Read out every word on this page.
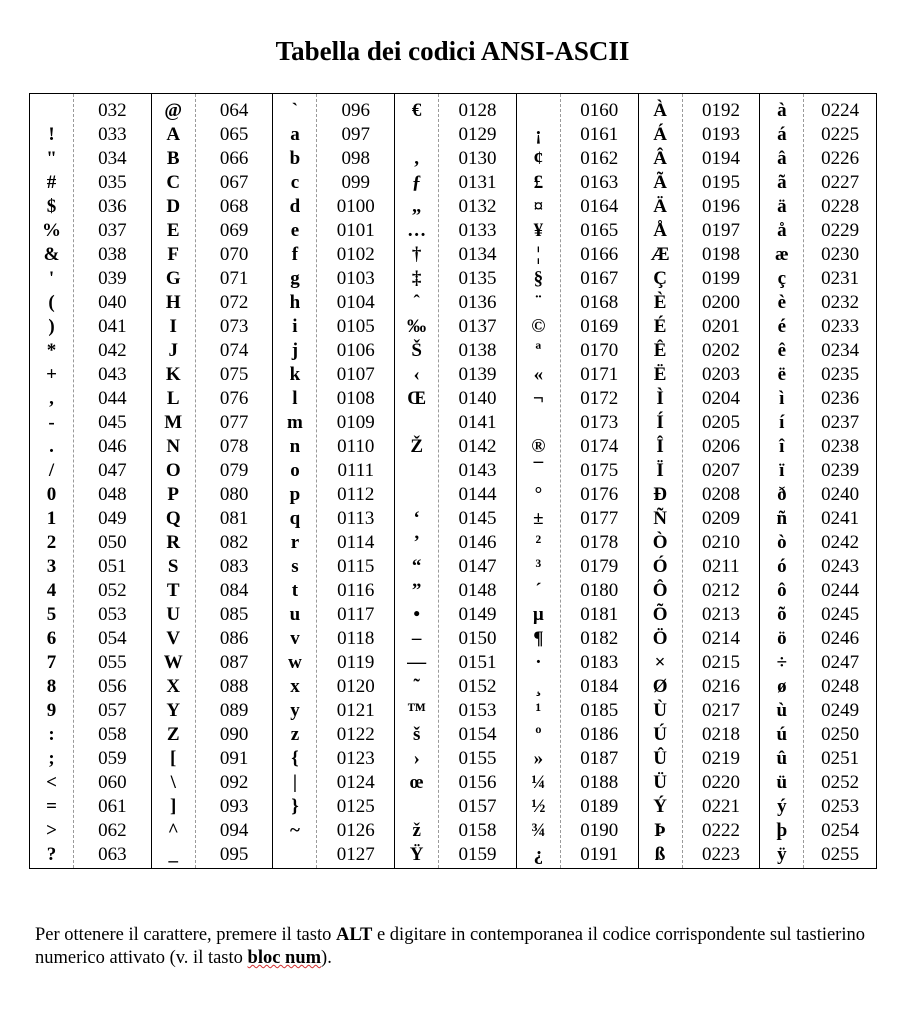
Tabella dei codici ANSI-ASCII
!
"
#
$
%
&
'
(
)
*
+
,
-
.
/
0
1
2
3
4
5
6
7
8
9
:
;
<
=
>
?
032
033
034
035
036
037
038
039
040
041
042
043
044
045
046
047
048
049
050
051
052
053
054
055
056
057
058
059
060
061
062
063
@
A
B
C
D
E
F
G
H
I
J
K
L
M
N
O
P
Q
R
S
T
U
V
W
X
Y
Z
[
\
]
^
_
064
065
066
067
068
069
070
071
072
073
074
075
076
077
078
079
080
081
082
083
084
085
086
087
088
089
090
091
092
093
094
095
`
a
b
c
d
e
f
g
h
i
j
k
l
m
n
o
p
q
r
s
t
u
v
w
x
y
z
{
|
}
~
096
097
098
099
0100
0101
0102
0103
0104
0105
0106
0107
0108
0109
0110
0111
0112
0113
0114
0115
0116
0117
0118
0119
0120
0121
0122
0123
0124
0125
0126
0127
€
,
ƒ
„
…
†
‡
ˆ
‰
Š
‹
Œ
Ž
‘
’
“
”
•
–
—
˜
™
š
›
œ
ž
Ÿ
0128
0129
0130
0131
0132
0133
0134
0135
0136
0137
0138
0139
0140
0141
0142
0143
0144
0145
0146
0147
0148
0149
0150
0151
0152
0153
0154
0155
0156
0157
0158
0159
¡
¢
£
¤
¥
¦
§
¨
©
ª
«
¬
®
¯
°
±
²
³
´
µ
¶
·
¸
¹
º
»
¼
½
¾
¿
0160
0161
0162
0163
0164
0165
0166
0167
0168
0169
0170
0171
0172
0173
0174
0175
0176
0177
0178
0179
0180
0181
0182
0183
0184
0185
0186
0187
0188
0189
0190
0191
À
Á
Â
Ã
Ä
Å
Æ
Ç
È
É
Ê
Ë
Ì
Í
Î
Ï
Ð
Ñ
Ò
Ó
Ô
Õ
Ö
×
Ø
Ù
Ú
Û
Ü
Ý
Þ
ß
0192
0193
0194
0195
0196
0197
0198
0199
0200
0201
0202
0203
0204
0205
0206
0207
0208
0209
0210
0211
0212
0213
0214
0215
0216
0217
0218
0219
0220
0221
0222
0223
à
á
â
ã
ä
å
æ
ç
è
é
ê
ë
ì
í
î
ï
ð
ñ
ò
ó
ô
õ
ö
÷
ø
ù
ú
û
ü
ý
þ
ÿ
0224
0225
0226
0227
0228
0229
0230
0231
0232
0233
0234
0235
0236
0237
0238
0239
0240
0241
0242
0243
0244
0245
0246
0247
0248
0249
0250
0251
0252
0253
0254
0255

Per ottenere il carattere, premere il tasto ALT e digitare in contemporanea il codice corrispondente sul tastierino numerico attivato (v. il tasto bloc num).
